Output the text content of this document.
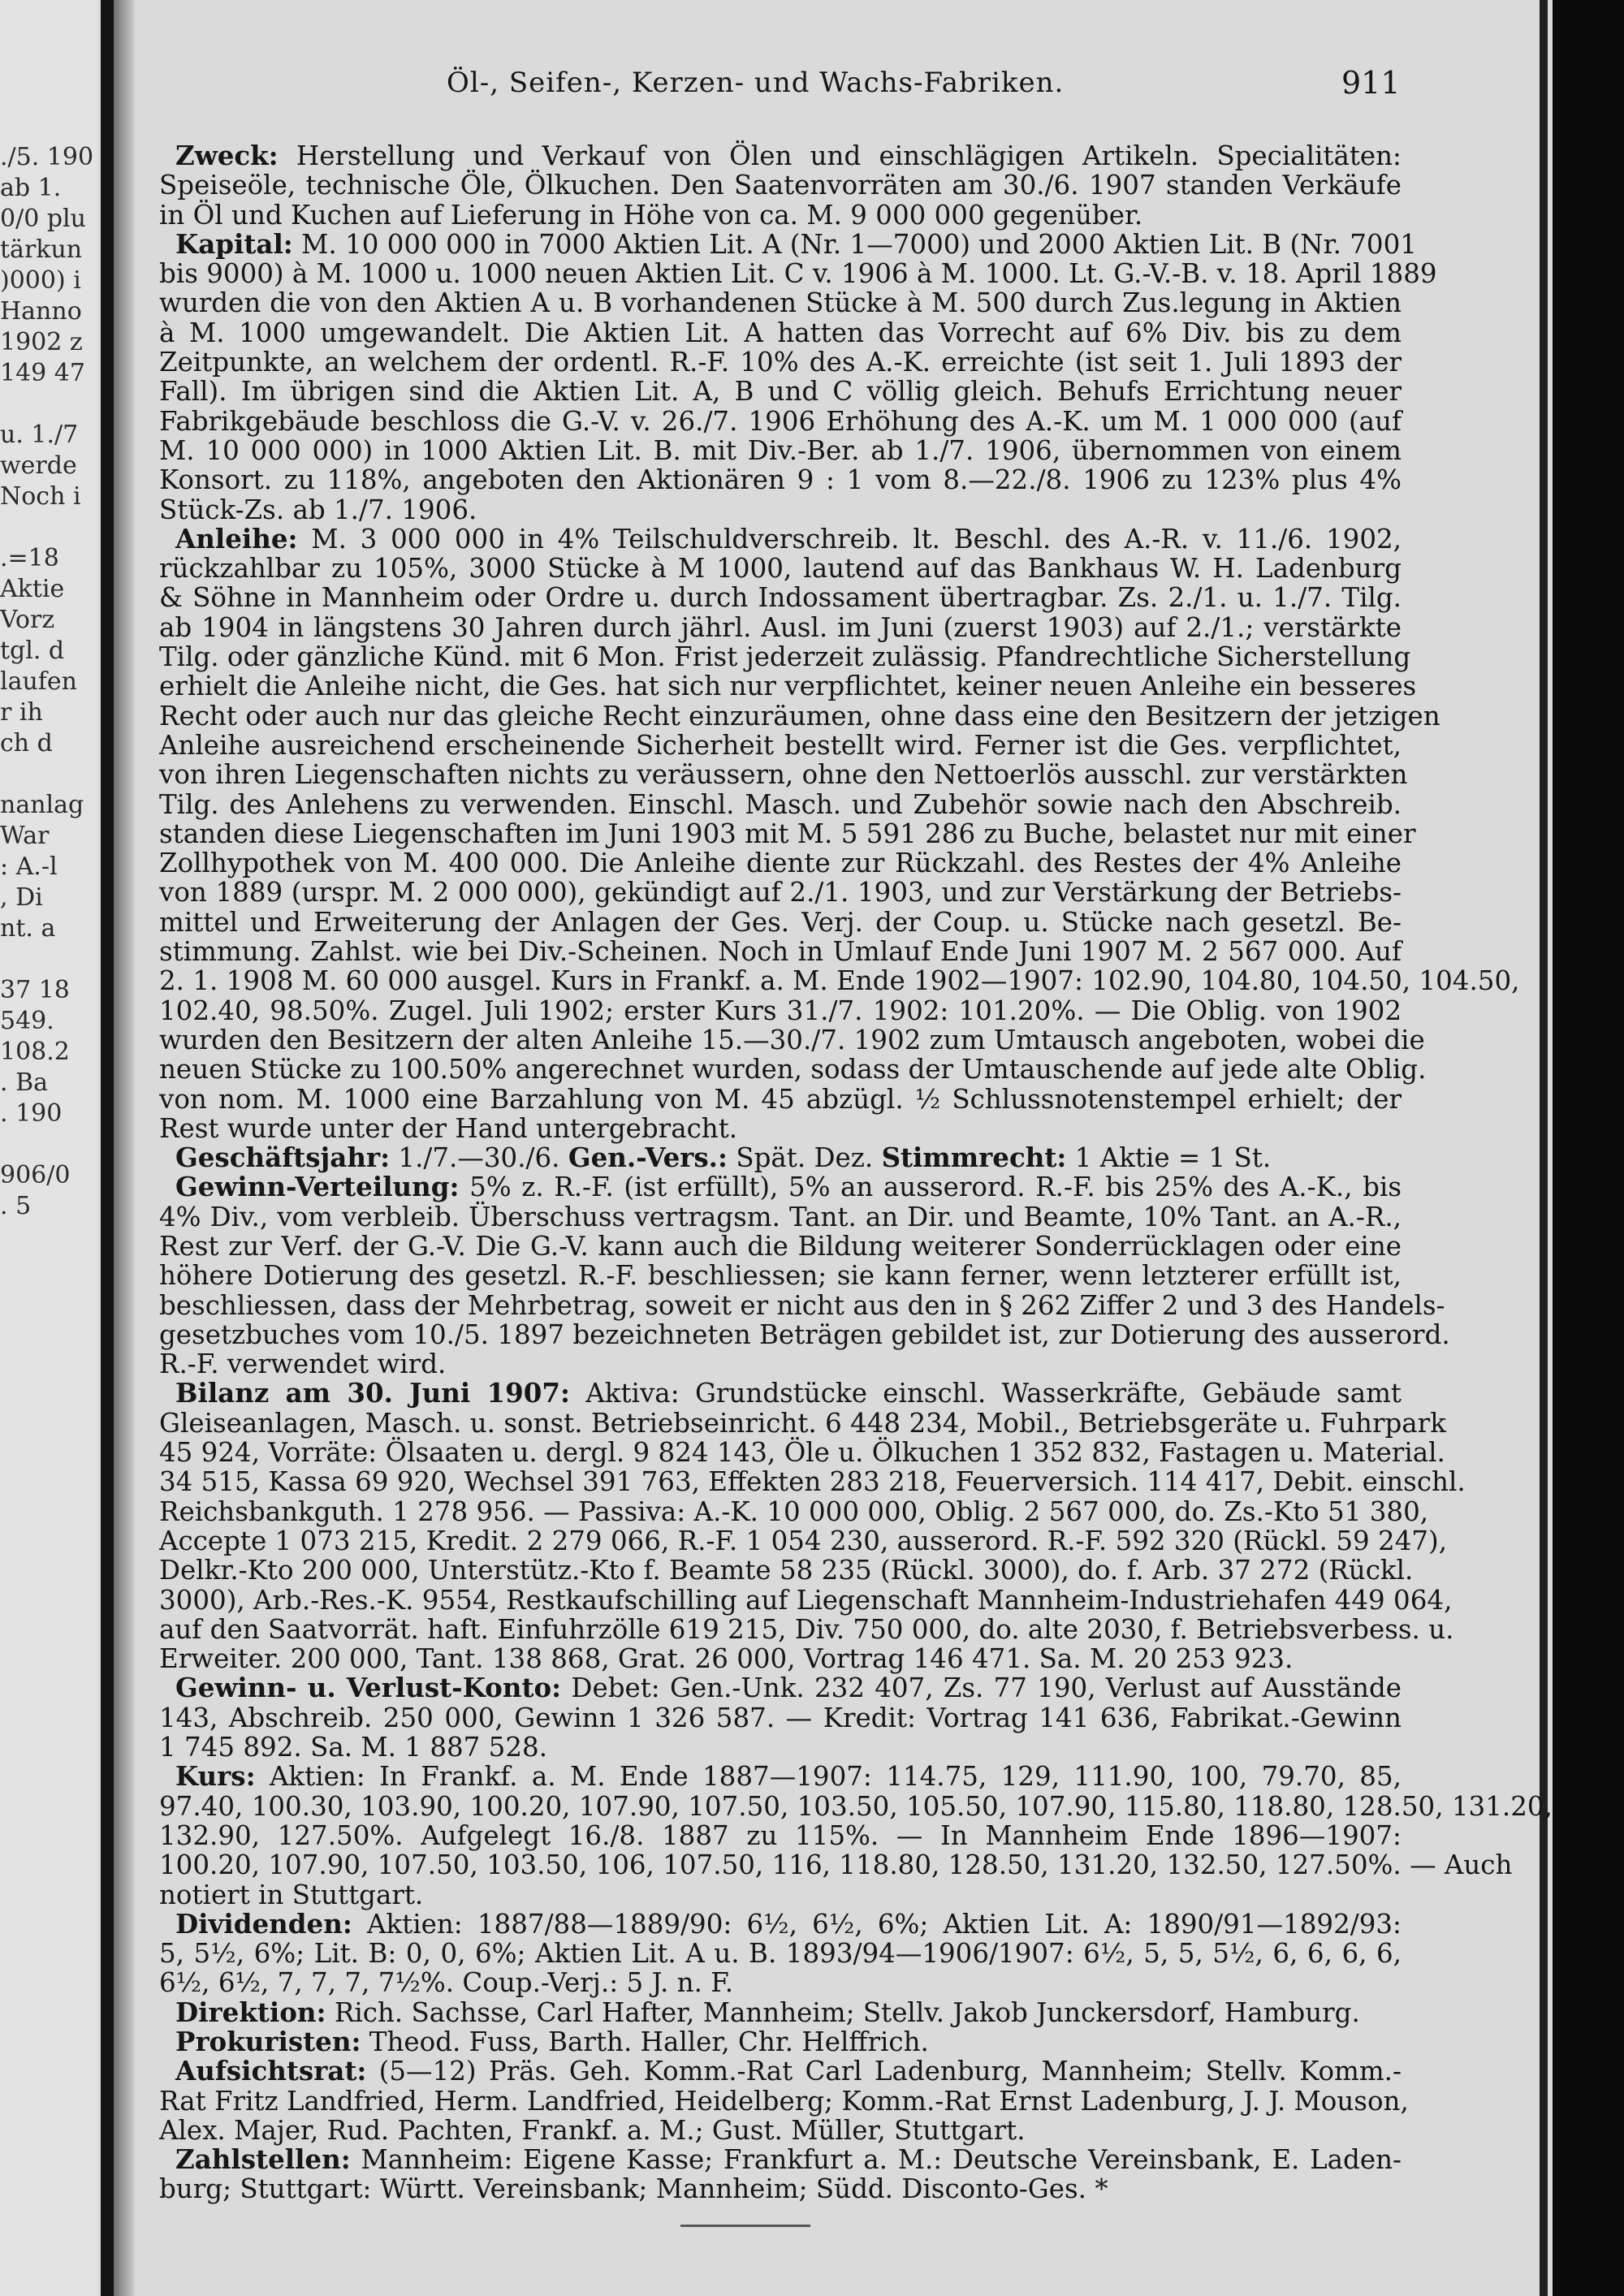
./5. 190
ab 1.
0/0 plu
tärkun
)000) i
Hanno
1902 z
149 47
u. 1./7
werde
Noch i
.=18
Aktie
Vorz
tgl. d
laufen
r ih
ch d
nanlag
War
: A.-l
, Di
nt. a
37 18
549.
108.2
. Ba
. 190
906/0
. 5
Öl-, Seifen-, Kerzen- und Wachs-Fabriken.	911
Zweck: Herstellung und Verkauf von Ölen und einschlägigen Artikeln. Specialitäten:
Speiseöle, technische Öle, Ölkuchen. Den Saatenvorräten am 30./6. 1907 standen Verkäufe
in Öl und Kuchen auf Lieferung in Höhe von ca. M. 9 000 000 gegenüber.
Kapital: M. 10 000 000 in 7000 Aktien Lit. A (Nr. 1—7000) und 2000 Aktien Lit. B (Nr. 7001
bis 9000) à M. 1000 u. 1000 neuen Aktien Lit. C v. 1906 à M. 1000. Lt. G.-V.-B. v. 18. April 1889
wurden die von den Aktien A u. B vorhandenen Stücke à M. 500 durch Zus.legung in Aktien
à M. 1000 umgewandelt. Die Aktien Lit. A hatten das Vorrecht auf 6% Div. bis zu dem
Zeitpunkte, an welchem der ordentl. R.-F. 10% des A.-K. erreichte (ist seit 1. Juli 1893 der
Fall). Im übrigen sind die Aktien Lit. A, B und C völlig gleich. Behufs Errichtung neuer
Fabrikgebäude beschloss die G.-V. v. 26./7. 1906 Erhöhung des A.-K. um M. 1 000 000 (auf
M. 10 000 000) in 1000 Aktien Lit. B. mit Div.-Ber. ab 1./7. 1906, übernommen von einem
Konsort. zu 118%, angeboten den Aktionären 9 : 1 vom 8.—22./8. 1906 zu 123% plus 4%
Stück-Zs. ab 1./7. 1906.
Anleihe: M. 3 000 000 in 4% Teilschuldverschreib. lt. Beschl. des A.-R. v. 11./6. 1902,
rückzahlbar zu 105%, 3000 Stücke à M 1000, lautend auf das Bankhaus W. H. Ladenburg
& Söhne in Mannheim oder Ordre u. durch Indossament übertragbar. Zs. 2./1. u. 1./7. Tilg.
ab 1904 in längstens 30 Jahren durch jährl. Ausl. im Juni (zuerst 1903) auf 2./1.; verstärkte
Tilg. oder gänzliche Künd. mit 6 Mon. Frist jederzeit zulässig. Pfandrechtliche Sicherstellung
erhielt die Anleihe nicht, die Ges. hat sich nur verpflichtet, keiner neuen Anleihe ein besseres
Recht oder auch nur das gleiche Recht einzuräumen, ohne dass eine den Besitzern der jetzigen
Anleihe ausreichend erscheinende Sicherheit bestellt wird. Ferner ist die Ges. verpflichtet,
von ihren Liegenschaften nichts zu veräussern, ohne den Nettoerlös ausschl. zur verstärkten
Tilg. des Anlehens zu verwenden. Einschl. Masch. und Zubehör sowie nach den Abschreib.
standen diese Liegenschaften im Juni 1903 mit M. 5 591 286 zu Buche, belastet nur mit einer
Zollhypothek von M. 400 000. Die Anleihe diente zur Rückzahl. des Restes der 4% Anleihe
von 1889 (urspr. M. 2 000 000), gekündigt auf 2./1. 1903, und zur Verstärkung der Betriebs-
mittel und Erweiterung der Anlagen der Ges. Verj. der Coup. u. Stücke nach gesetzl. Be-
stimmung. Zahlst. wie bei Div.-Scheinen. Noch in Umlauf Ende Juni 1907 M. 2 567 000. Auf
2. 1. 1908 M. 60 000 ausgel. Kurs in Frankf. a. M. Ende 1902—1907: 102.90, 104.80, 104.50, 104.50,
102.40, 98.50%. Zugel. Juli 1902; erster Kurs 31./7. 1902: 101.20%. — Die Oblig. von 1902
wurden den Besitzern der alten Anleihe 15.—30./7. 1902 zum Umtausch angeboten, wobei die
neuen Stücke zu 100.50% angerechnet wurden, sodass der Umtauschende auf jede alte Oblig.
von nom. M. 1000 eine Barzahlung von M. 45 abzügl. ½ Schlussnotenstempel erhielt; der
Rest wurde unter der Hand untergebracht.
Geschäftsjahr: 1./7.—30./6. Gen.-Vers.: Spät. Dez. Stimmrecht: 1 Aktie = 1 St.
Gewinn-Verteilung: 5% z. R.-F. (ist erfüllt), 5% an ausserord. R.-F. bis 25% des A.-K., bis
4% Div., vom verbleib. Überschuss vertragsm. Tant. an Dir. und Beamte, 10% Tant. an A.-R.,
Rest zur Verf. der G.-V. Die G.-V. kann auch die Bildung weiterer Sonderrücklagen oder eine
höhere Dotierung des gesetzl. R.-F. beschliessen; sie kann ferner, wenn letzterer erfüllt ist,
beschliessen, dass der Mehrbetrag, soweit er nicht aus den in § 262 Ziffer 2 und 3 des Handels-
gesetzbuches vom 10./5. 1897 bezeichneten Beträgen gebildet ist, zur Dotierung des ausserord.
R.-F. verwendet wird.
Bilanz am 30. Juni 1907: Aktiva: Grundstücke einschl. Wasserkräfte, Gebäude samt
Gleiseanlagen, Masch. u. sonst. Betriebseinricht. 6 448 234, Mobil., Betriebsgeräte u. Fuhrpark
45 924, Vorräte: Ölsaaten u. dergl. 9 824 143, Öle u. Ölkuchen 1 352 832, Fastagen u. Material.
34 515, Kassa 69 920, Wechsel 391 763, Effekten 283 218, Feuerversich. 114 417, Debit. einschl.
Reichsbankguth. 1 278 956. — Passiva: A.-K. 10 000 000, Oblig. 2 567 000, do. Zs.-Kto 51 380,
Accepte 1 073 215, Kredit. 2 279 066, R.-F. 1 054 230, ausserord. R.-F. 592 320 (Rückl. 59 247),
Delkr.-Kto 200 000, Unterstütz.-Kto f. Beamte 58 235 (Rückl. 3000), do. f. Arb. 37 272 (Rückl.
3000), Arb.-Res.-K. 9554, Restkaufschilling auf Liegenschaft Mannheim-Industriehafen 449 064,
auf den Saatvorrät. haft. Einfuhrzölle 619 215, Div. 750 000, do. alte 2030, f. Betriebsverbess. u.
Erweiter. 200 000, Tant. 138 868, Grat. 26 000, Vortrag 146 471. Sa. M. 20 253 923.
Gewinn- u. Verlust-Konto: Debet: Gen.-Unk. 232 407, Zs. 77 190, Verlust auf Ausstände
143, Abschreib. 250 000, Gewinn 1 326 587. — Kredit: Vortrag 141 636, Fabrikat.-Gewinn
1 745 892. Sa. M. 1 887 528.
Kurs: Aktien: In Frankf. a. M. Ende 1887—1907: 114.75, 129, 111.90, 100, 79.70, 85,
97.40, 100.30, 103.90, 100.20, 107.90, 107.50, 103.50, 105.50, 107.90, 115.80, 118.80, 128.50, 131.20,
132.90, 127.50%. Aufgelegt 16./8. 1887 zu 115%. — In Mannheim Ende 1896—1907:
100.20, 107.90, 107.50, 103.50, 106, 107.50, 116, 118.80, 128.50, 131.20, 132.50, 127.50%. — Auch
notiert in Stuttgart.
Dividenden: Aktien: 1887/88—1889/90: 6½, 6½, 6%; Aktien Lit. A: 1890/91—1892/93:
5, 5½, 6%; Lit. B: 0, 0, 6%; Aktien Lit. A u. B. 1893/94—1906/1907: 6½, 5, 5, 5½, 6, 6, 6, 6,
6½, 6½, 7, 7, 7, 7½%. Coup.-Verj.: 5 J. n. F.
Direktion: Rich. Sachsse, Carl Hafter, Mannheim; Stellv. Jakob Junckersdorf, Hamburg.
Prokuristen: Theod. Fuss, Barth. Haller, Chr. Helffrich.
Aufsichtsrat: (5—12) Präs. Geh. Komm.-Rat Carl Ladenburg, Mannheim; Stellv. Komm.-
Rat Fritz Landfried, Herm. Landfried, Heidelberg; Komm.-Rat Ernst Ladenburg, J. J. Mouson,
Alex. Majer, Rud. Pachten, Frankf. a. M.; Gust. Müller, Stuttgart.
Zahlstellen: Mannheim: Eigene Kasse; Frankfurt a. M.: Deutsche Vereinsbank, E. Laden-
burg; Stuttgart: Württ. Vereinsbank; Mannheim; Südd. Disconto-Ges. *
